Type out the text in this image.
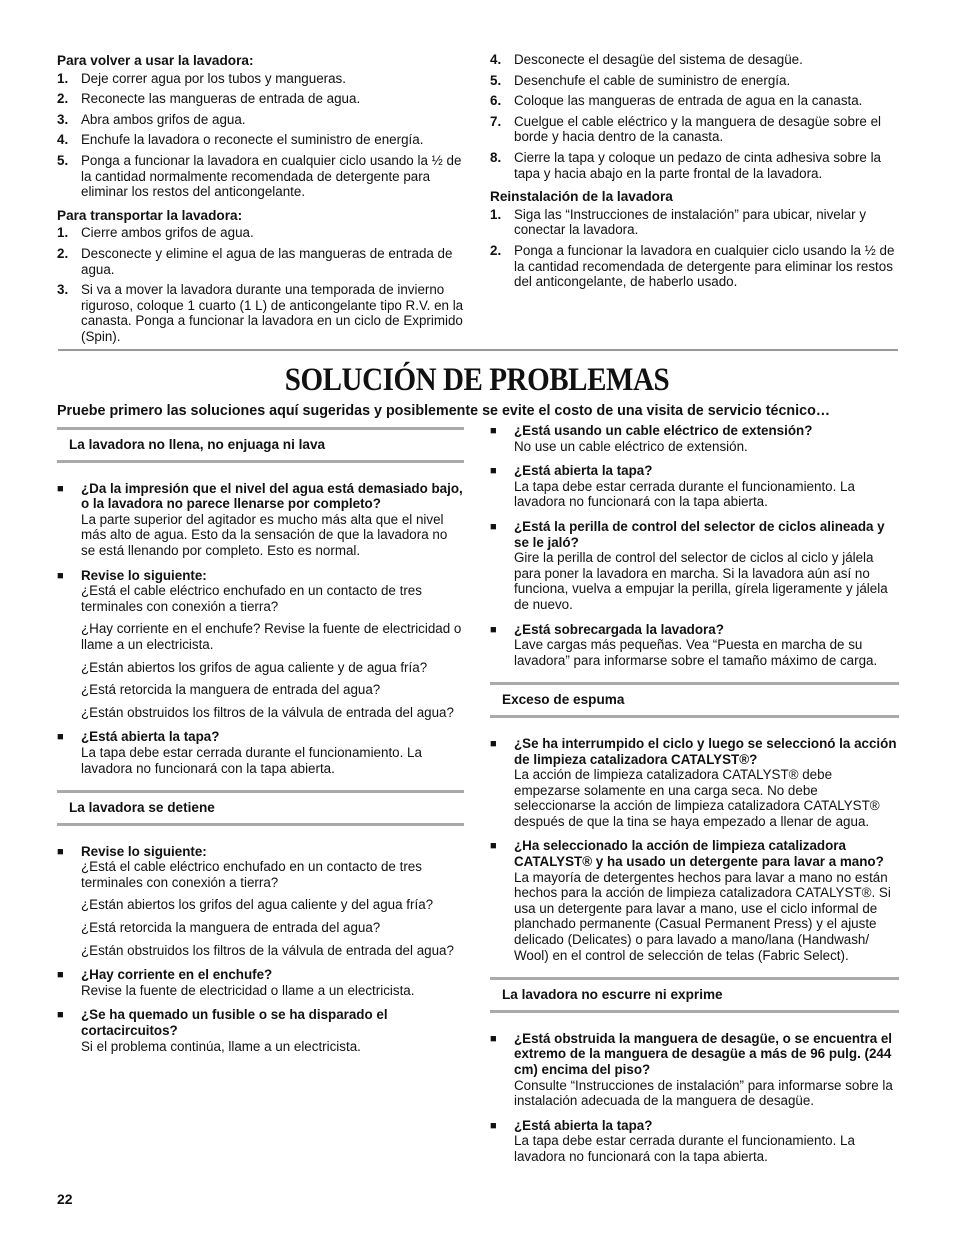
Para volver a usar la lavadora:
1. Deje correr agua por los tubos y mangueras.
2. Reconecte las mangueras de entrada de agua.
3. Abra ambos grifos de agua.
4. Enchufe la lavadora o reconecte el suministro de energía.
5. Ponga a funcionar la lavadora en cualquier ciclo usando la ½ de la cantidad normalmente recomendada de detergente para eliminar los restos del anticongelante.
Para transportar la lavadora:
1. Cierre ambos grifos de agua.
2. Desconecte y elimine el agua de las mangueras de entrada de agua.
3. Si va a mover la lavadora durante una temporada de invierno riguroso, coloque 1 cuarto (1 L) de anticongelante tipo R.V. en la canasta. Ponga a funcionar la lavadora en un ciclo de Exprimido (Spin).
4. Desconecte el desagüe del sistema de desagüe.
5. Desenchufe el cable de suministro de energía.
6. Coloque las mangueras de entrada de agua en la canasta.
7. Cuelgue el cable eléctrico y la manguera de desagüe sobre el borde y hacia dentro de la canasta.
8. Cierre la tapa y coloque un pedazo de cinta adhesiva sobre la tapa y hacia abajo en la parte frontal de la lavadora.
Reinstalación de la lavadora
1. Siga las “Instrucciones de instalación” para ubicar, nivelar y conectar la lavadora.
2. Ponga a funcionar la lavadora en cualquier ciclo usando la ½ de la cantidad recomendada de detergente para eliminar los restos del anticongelante, de haberlo usado.
SOLUCIÓN DE PROBLEMAS
Pruebe primero las soluciones aquí sugeridas y posiblemente se evite el costo de una visita de servicio técnico…
La lavadora no llena, no enjuaga ni lava
■ ¿Da la impresión que el nivel del agua está demasiado bajo, o la lavadora no parece llenarse por completo?

La parte superior del agitador es mucho más alta que el nivel más alto de agua. Esto da la sensación de que la lavadora no se está llenando por completo. Esto es normal.

■ Revise lo siguiente:

¿Está el cable eléctrico enchufado en un contacto de tres terminales con conexión a tierra?

¿Hay corriente en el enchufe? Revise la fuente de electricidad o llame a un electricista.

¿Están abiertos los grifos de agua caliente y de agua fría?

¿Está retorcida la manguera de entrada del agua?

¿Están obstruidos los filtros de la válvula de entrada del agua?

■ ¿Está abierta la tapa?

La tapa debe estar cerrada durante el funcionamiento. La lavadora no funcionará con la tapa abierta.

La lavadora se detiene
■ Revise lo siguiente:

¿Está el cable eléctrico enchufado en un contacto de tres terminales con conexión a tierra?

¿Están abiertos los grifos del agua caliente y del agua fría?

¿Está retorcida la manguera de entrada del agua?

¿Están obstruidos los filtros de la válvula de entrada del agua?

■ ¿Hay corriente en el enchufe?

Revise la fuente de electricidad o llame a un electricista.

■ ¿Se ha quemado un fusible o se ha disparado el cortacircuitos?

Si el problema continúa, llame a un electricista.

■ ¿Está usando un cable eléctrico de extensión?

No use un cable eléctrico de extensión.

■ ¿Está abierta la tapa?

La tapa debe estar cerrada durante el funcionamiento. La lavadora no funcionará con la tapa abierta.

■ ¿Está la perilla de control del selector de ciclos alineada y se le jaló?

Gire la perilla de control del selector de ciclos al ciclo y jálela para poner la lavadora en marcha. Si la lavadora aún así no funciona, vuelva a empujar la perilla, gírela ligeramente y jálela de nuevo.

■ ¿Está sobrecargada la lavadora?

Lave cargas más pequeñas. Vea “Puesta en marcha de su lavadora” para informarse sobre el tamaño máximo de carga.

Exceso de espuma
■ ¿Se ha interrumpido el ciclo y luego se seleccionó la acción de limpieza catalizadora CATALYST®?

La acción de limpieza catalizadora CATALYST® debe empezarse solamente en una carga seca. No debe seleccionarse la acción de limpieza catalizadora CATALYST® después de que la tina se haya empezado a llenar de agua.

■ ¿Ha seleccionado la acción de limpieza catalizadora CATALYST® y ha usado un detergente para lavar a mano?

La mayoría de detergentes hechos para lavar a mano no están hechos para la acción de limpieza catalizadora CATALYST®. Si usa un detergente para lavar a mano, use el ciclo informal de planchado permanente (Casual Permanent Press) y el ajuste delicado (Delicates) o para lavado a mano/lana (Handwash/ Wool) en el control de selección de telas (Fabric Select).

La lavadora no escurre ni exprime
■ ¿Está obstruida la manguera de desagüe, o se encuentra el extremo de la manguera de desagüe a más de 96 pulg. (244 cm) encima del piso?

Consulte “Instrucciones de instalación” para informarse sobre la instalación adecuada de la manguera de desagüe.

■ ¿Está abierta la tapa?

La tapa debe estar cerrada durante el funcionamiento. La lavadora no funcionará con la tapa abierta.

22
